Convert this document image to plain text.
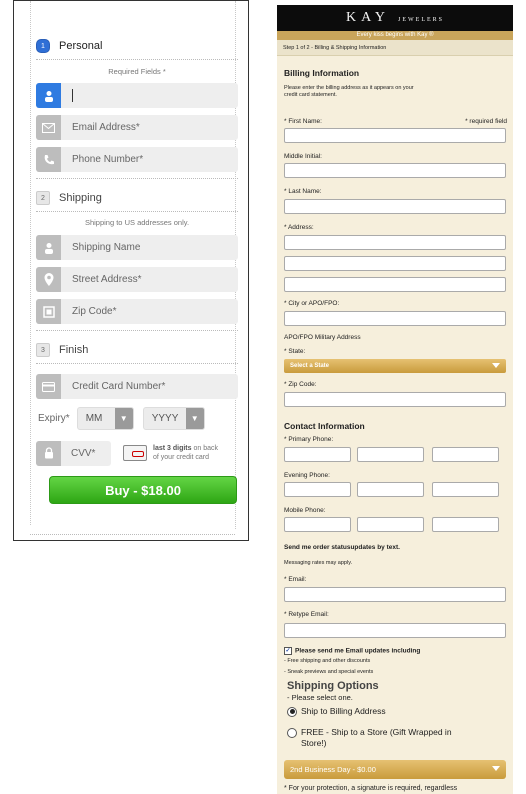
1	Personal
Required Fields *
Email Address*
Phone Number*
2	Shipping
Shipping to US addresses only.
Shipping Name
Street Address*
Zip Code*
3	Finish
Credit Card Number*
Expiry*	MM	▼	YYYY	▼
CVV*	last 3 digits on back
of your credit card
Buy - $18.00
KAY JEWELERS
Every kiss begins with Kay ®
Step 1 of 2 - Billing & Shipping Information
Billing Information
Please enter the billing address as it appears on your
credit card statement.
* First Name:	* required field
Middle Initial:
* Last Name:
* Address:
* City or APO/FPO:
APO/FPO Military Address
* State:
Select a State
* Zip Code:
Contact Information
* Primary Phone:
Evening Phone:
Mobile Phone:
Send me order statusupdates by text.
Messaging rates may apply.
* Email:
* Retype Email:
✓ Please send me Email updates including
- Free shipping and other discounts
- Sneak previews and special events
Shipping Options
- Please select one.
Ship to Billing Address
FREE - Ship to a Store (Gift Wrapped in
Store!)
2nd Business Day - $0.00
* For your protection, a signature is required, regardless
